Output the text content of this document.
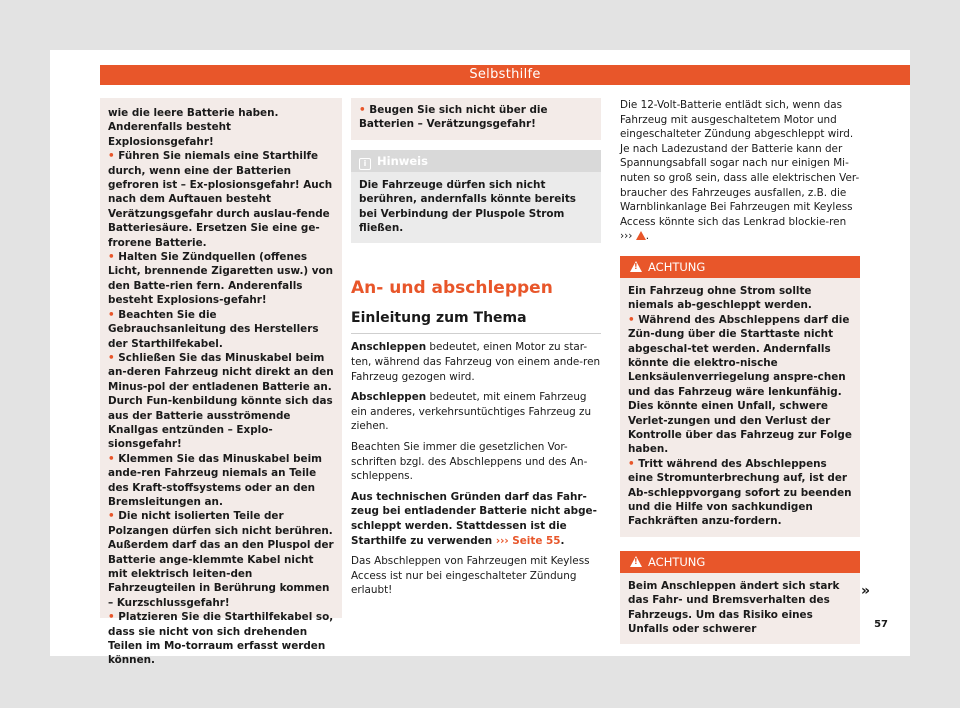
Selbsthilfe

wie die leere Batterie haben. Anderenfalls besteht Explosionsgefahr!

• Führen Sie niemals eine Starthilfe durch, wenn eine der Batterien gefroren ist – Ex-plosionsgefahr! Auch nach dem Auftauen besteht Verätzungsgefahr durch auslau-fende Batteriesäure. Ersetzen Sie eine ge-frorene Batterie.
• Halten Sie Zündquellen (offenes Licht, brennende Zigaretten usw.) von den Batte-rien fern. Anderenfalls besteht Explosions-gefahr!
• Beachten Sie die Gebrauchsanleitung des Herstellers der Starthilfekabel.
• Schließen Sie das Minuskabel beim an-deren Fahrzeug nicht direkt an den Minus-pol der entladenen Batterie an. Durch Fun-kenbildung könnte sich das aus der Batterie ausströmende Knallgas entzünden – Explo-sionsgefahr!
• Klemmen Sie das Minuskabel beim ande-ren Fahrzeug niemals an Teile des Kraft-stoffsystems oder an den Bremsleitungen an.
• Die nicht isolierten Teile der Polzangen dürfen sich nicht berühren. Außerdem darf das an den Pluspol der Batterie ange-klemmte Kabel nicht mit elektrisch leiten-den Fahrzeugteilen in Berührung kommen – Kurzschlussgefahr!
• Platzieren Sie die Starthilfekabel so, dass sie nicht von sich drehenden Teilen im Mo-torraum erfasst werden können.
• Beugen Sie sich nicht über die Batterien – Verätzungsgefahr!
i Hinweis
Die Fahrzeuge dürfen sich nicht berühren, andernfalls könnte bereits bei Verbindung der Pluspole Strom fließen.
An- und abschleppen
Einleitung zum Thema

Anschleppen bedeutet, einen Motor zu star-ten, während das Fahrzeug von einem ande-ren Fahrzeug gezogen wird.

Abschleppen bedeutet, mit einem Fahrzeug ein anderes, verkehrsuntüchtiges Fahrzeug zu ziehen.

Beachten Sie immer die gesetzlichen Vor-schriften bzgl. des Abschleppens und des An-schleppens.

Aus technischen Gründen darf das Fahr-zeug bei entladender Batterie nicht abge-schleppt werden. Stattdessen ist die Starthilfe zu verwenden ››› Seite 55.

Das Abschleppen von Fahrzeugen mit Keyless Access ist nur bei eingeschalteter Zündung erlaubt!

Die 12-Volt-Batterie entlädt sich, wenn das Fahrzeug mit ausgeschaltetem Motor und eingeschalteter Zündung abgeschleppt wird. Je nach Ladezustand der Batterie kann der Spannungsabfall sogar nach nur einigen Mi-nuten so groß sein, dass alle elektrischen Ver-braucher des Fahrzeuges ausfallen, z.B. die Warnblinkanlage Bei Fahrzeugen mit Keyless Access könnte sich das Lenkrad blockie-ren ››› .

!ACHTUNG

Ein Fahrzeug ohne Strom sollte niemals ab-geschleppt werden.

• Während des Abschleppens darf die Zün-dung über die Starttaste nicht abgeschal-tet werden. Andernfalls könnte die elektro-nische Lenksäulenverriegelung anspre-chen und das Fahrzeug wäre lenkunfähig. Dies könnte einen Unfall, schwere Verlet-zungen und den Verlust der Kontrolle über das Fahrzeug zur Folge haben.
• Tritt während des Abschleppens eine Stromunterbrechung auf, ist der Ab-schleppvorgang sofort zu beenden und die Hilfe von sachkundigen Fachkräften anzu-fordern.
!ACHTUNG
Beim Anschleppen ändert sich stark das Fahr- und Bremsverhalten des Fahrzeugs. Um das Risiko eines Unfalls oder schwerer
»
57
